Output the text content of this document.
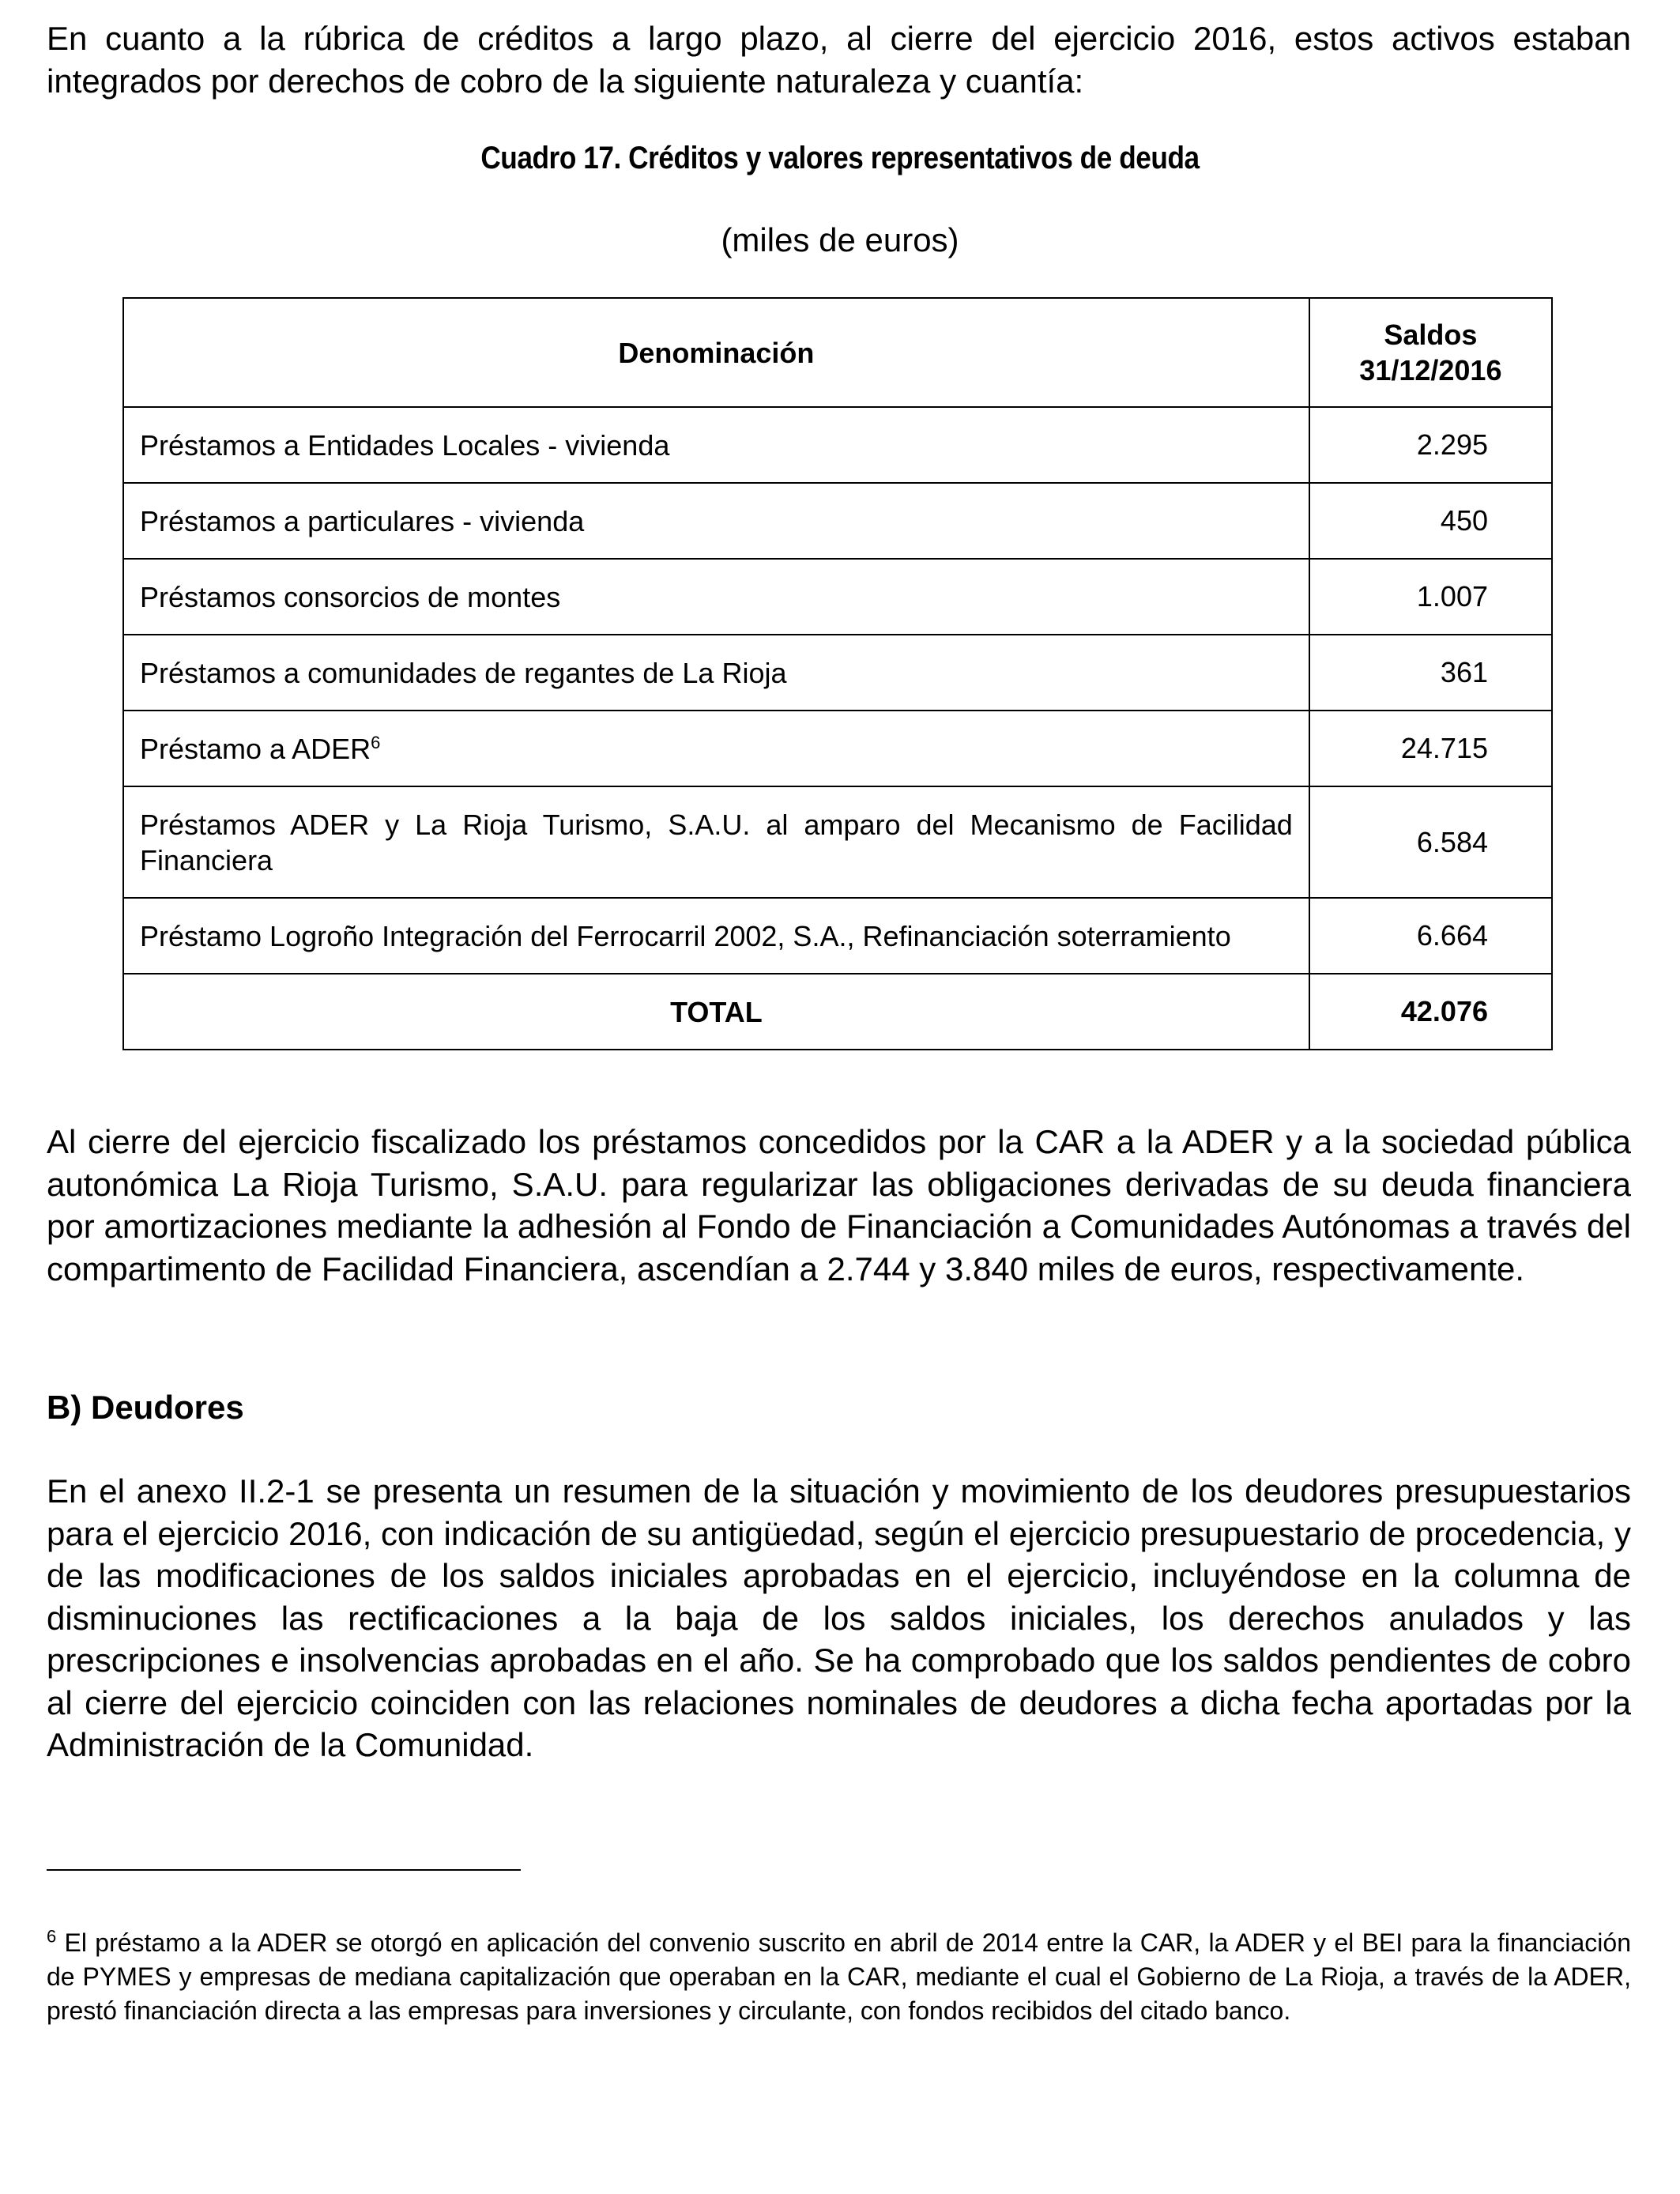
En cuanto a la rúbrica de créditos a largo plazo, al cierre del ejercicio 2016, estos activos estaban integrados por derechos de cobro de la siguiente naturaleza y cuantía:

Cuadro 17. Créditos y valores representativos de deuda

(miles de euros)

Denominación	Saldos
31/12/2016
Préstamos a Entidades Locales - vivienda	2.295
Préstamos a particulares - vivienda	450
Préstamos consorcios de montes	1.007
Préstamos a comunidades de regantes de La Rioja	361
Préstamo a ADER$^6$	24.715
Préstamos ADER y La Rioja Turismo, S.A.U. al amparo del Mecanismo de Facilidad Financiera	6.584
Préstamo Logroño Integración del Ferrocarril 2002, S.A., Refinanciación soterramiento	6.664
TOTAL	42.076

Al cierre del ejercicio fiscalizado los préstamos concedidos por la CAR a la ADER y a la sociedad pública autonómica La Rioja Turismo, S.A.U. para regularizar las obligaciones derivadas de su deuda financiera por amortizaciones mediante la adhesión al Fondo de Financiación a Comunidades Autónomas a través del compartimento de Facilidad Financiera, ascendían a 2.744 y 3.840 miles de euros, respectivamente.

B) Deudores

En el anexo II.2-1 se presenta un resumen de la situación y movimiento de los deudores presupuestarios para el ejercicio 2016, con indicación de su antigüedad, según el ejercicio presupuestario de procedencia, y de las modificaciones de los saldos iniciales aprobadas en el ejercicio, incluyéndose en la columna de disminuciones las rectificaciones a la baja de los saldos iniciales, los derechos anulados y las prescripciones e insolvencias aprobadas en el año. Se ha comprobado que los saldos pendientes de cobro al cierre del ejercicio coinciden con las relaciones nominales de deudores a dicha fecha aportadas por la Administración de la Comunidad.

$^6$ El préstamo a la ADER se otorgó en aplicación del convenio suscrito en abril de 2014 entre la CAR, la ADER y el BEI para la financiación de PYMES y empresas de mediana capitalización que operaban en la CAR, mediante el cual el Gobierno de La Rioja, a través de la ADER, prestó financiación directa a las empresas para inversiones y circulante, con fondos recibidos del citado banco.
